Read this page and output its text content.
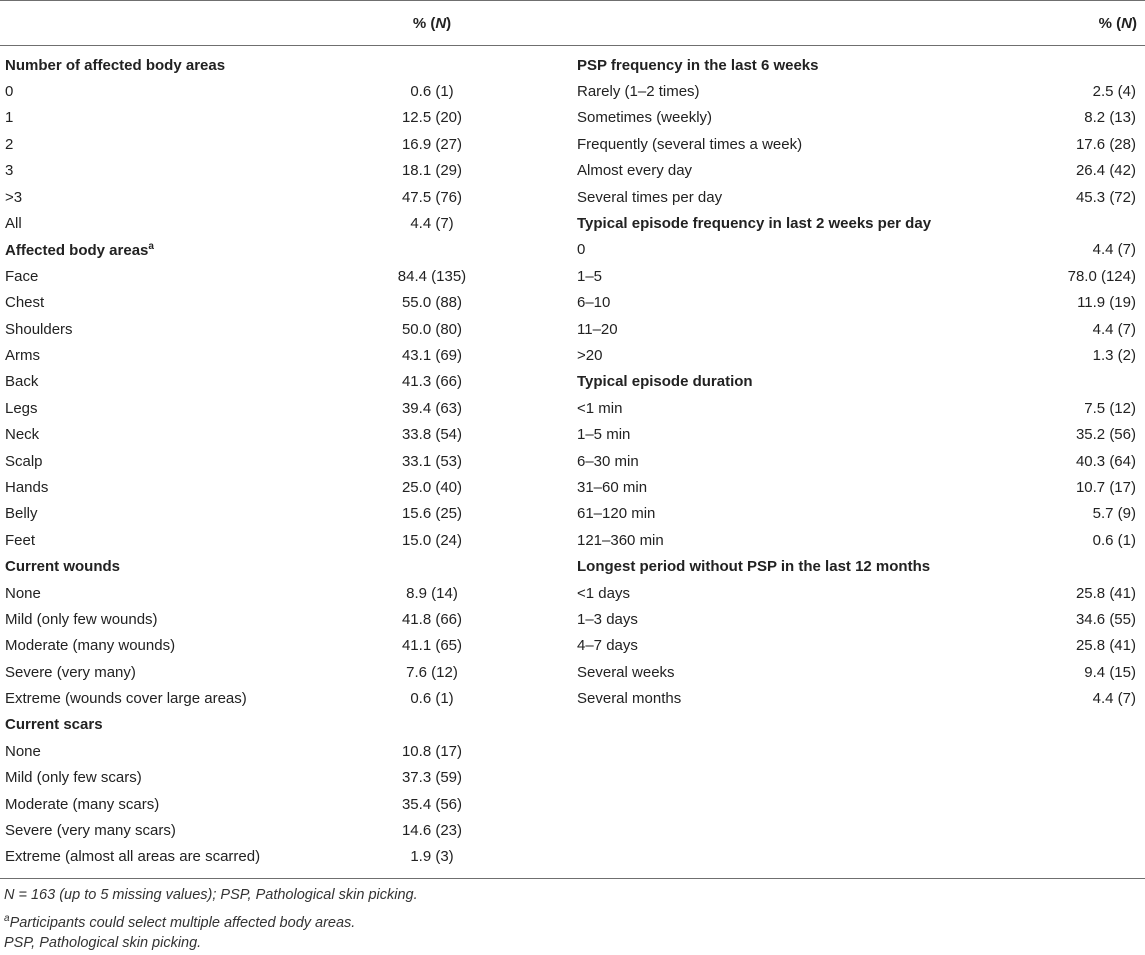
% (N)	% (N)
Number of affected body areas
0	0.6 (1)
1	12.5 (20)
2	16.9 (27)
3	18.1 (29)
>3	47.5 (76)
All	4.4 (7)
Affected body areas$^a$
Face	84.4 (135)
Chest	55.0 (88)
Shoulders	50.0 (80)
Arms	43.1 (69)
Back	41.3 (66)
Legs	39.4 (63)
Neck	33.8 (54)
Scalp	33.1 (53)
Hands	25.0 (40)
Belly	15.6 (25)
Feet	15.0 (24)
Current wounds
None	8.9 (14)
Mild (only few wounds)	41.8 (66)
Moderate (many wounds)	41.1 (65)
Severe (very many)	7.6 (12)
Extreme (wounds cover large areas)	0.6 (1)
Current scars
None	10.8 (17)
Mild (only few scars)	37.3 (59)
Moderate (many scars)	35.4 (56)
Severe (very many scars)	14.6 (23)
Extreme (almost all areas are scarred)	1.9 (3)
PSP frequency in the last 6 weeks
Rarely (1–2 times)	2.5 (4)
Sometimes (weekly)	8.2 (13)
Frequently (several times a week)	17.6 (28)
Almost every day	26.4 (42)
Several times per day	45.3 (72)
Typical episode frequency in last 2 weeks per day
0	4.4 (7)
1–5	78.0 (124)
6–10	11.9 (19)
11–20	4.4 (7)
>20	1.3 (2)
Typical episode duration
<1 min	7.5 (12)
1–5 min	35.2 (56)
6–30 min	40.3 (64)
31–60 min	10.7 (17)
61–120 min	5.7 (9)
121–360 min	0.6 (1)
Longest period without PSP in the last 12 months
<1 days	25.8 (41)
1–3 days	34.6 (55)
4–7 days	25.8 (41)
Several weeks	9.4 (15)
Several months	4.4 (7)
N = 163 (up to 5 missing values); PSP, Pathological skin picking.
$^a$Participants could select multiple affected body areas.
PSP, Pathological skin picking.
